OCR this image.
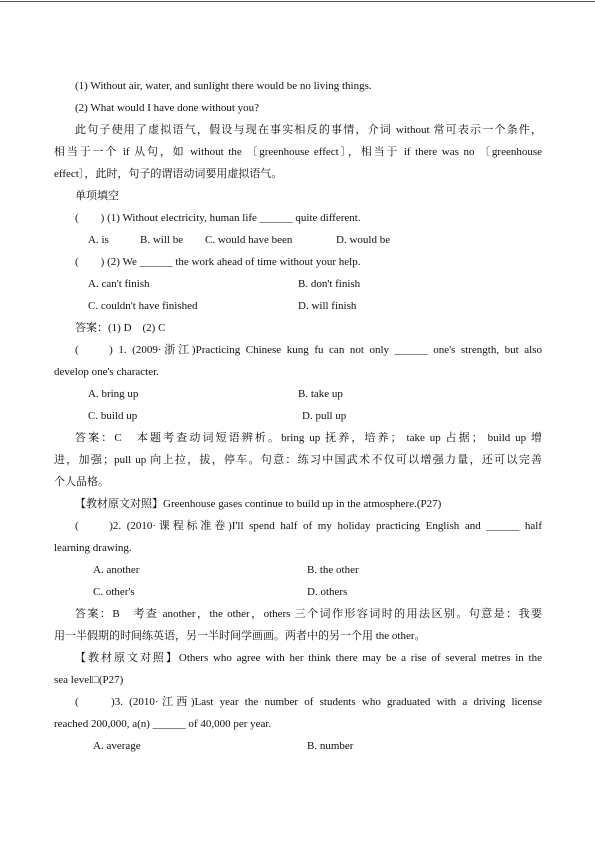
(1) Without air, water, and sunlight there would be no living things.
(2) What would I have done without you?
此句子使用了虚拟语气，假设与现在事实相反的事情，介词 without 常可表示一个条件，
相当于一个 if 从句，如 without the 〔greenhouse effect〕，相当于 if there was no 〔greenhouse
effect〕，此时，句子的谓语动词要用虚拟语气。
单项填空
(　　) (1) Without electricity, human life ______ quite different.
A. is	B. will be C. would have been	D. would be
(　　) (2) We ______ the work ahead of time without your help.
A. can't finish	B. don't finish
C. couldn't have finished	D. will finish
答案：(1) D　(2) C
(　　) 1. (2009·浙江)Practicing Chinese kung fu can not only ______ one's strength, but also
develop one's character.
A. bring up	B. take up
C. build up	D. pull up
答案：C　本题考查动词短语辨析。bring up 抚养，培养； take up 占据； build up 增
进，加强；pull up 向上拉，拔，停车。句意：练习中国武术不仅可以增强力量，还可以完善
个人品格。
【教材原文对照】Greenhouse gases continue to build up in the atmosphere.(P27)
(　　)2. (2010·课程标准卷)I'll spend half of my holiday practicing English and ______ half
learning drawing.
A. another	B. the other
C. other's	D. others
答案：B　考查 another，the other，others 三个词作形容词时的用法区别。句意是：我要
用一半假期的时间练英语，另一半时间学画画。两者中的另一个用 the other。
【教材原文对照】Others who agree with her think there may be a rise of several metres in the
sea level□(P27)
(　　)3. (2010·江西)Last year the number of students who graduated with a driving license
reached 200,000, a(n) ______ of 40,000 per year.
A. average	B. number
